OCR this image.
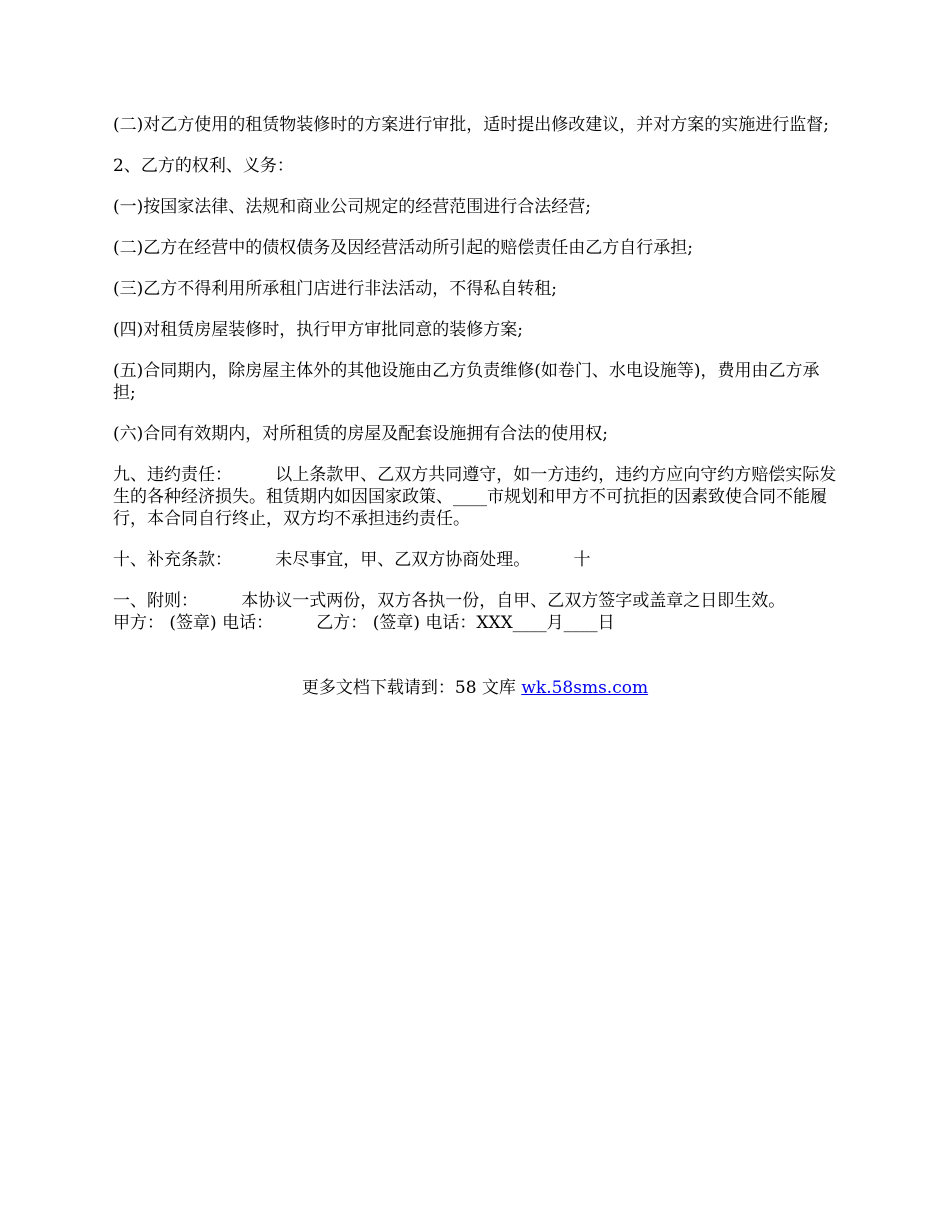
(二)对乙方使用的租赁物装修时的方案进行审批，适时提出修改建议，并对方案的实施进行监督;

2、乙方的权利、义务：

(一)按国家法律、法规和商业公司规定的经营范围进行合法经营;

(二)乙方在经营中的债权债务及因经营活动所引起的赔偿责任由乙方自行承担;

(三)乙方不得利用所承租门店进行非法活动，不得私自转租;

(四)对租赁房屋装修时，执行甲方审批同意的装修方案;

(五)合同期内，除房屋主体外的其他设施由乙方负责维修(如卷门、水电设施等)，费用由乙方承担;

(六)合同有效期内，对所租赁的房屋及配套设施拥有合法的使用权;

九、违约责任：        以上条款甲、乙双方共同遵守，如一方违约，违约方应向守约方赔偿实际发生的各种经济损失。租赁期内如因国家政策、____市规划和甲方不可抗拒的因素致使合同不能履行，本合同自行终止，双方均不承担违约责任。

十、补充条款：        未尽事宜，甲、乙双方协商处理。        十

一、附则：        本协议一式两份，双方各执一份，自甲、乙双方签字或盖章之日即生效。

甲方： (签章) 电话：        乙方： (签章) 电话：XXX____月____日

更多文档下载请到：58 文库 wk.58sms.com
